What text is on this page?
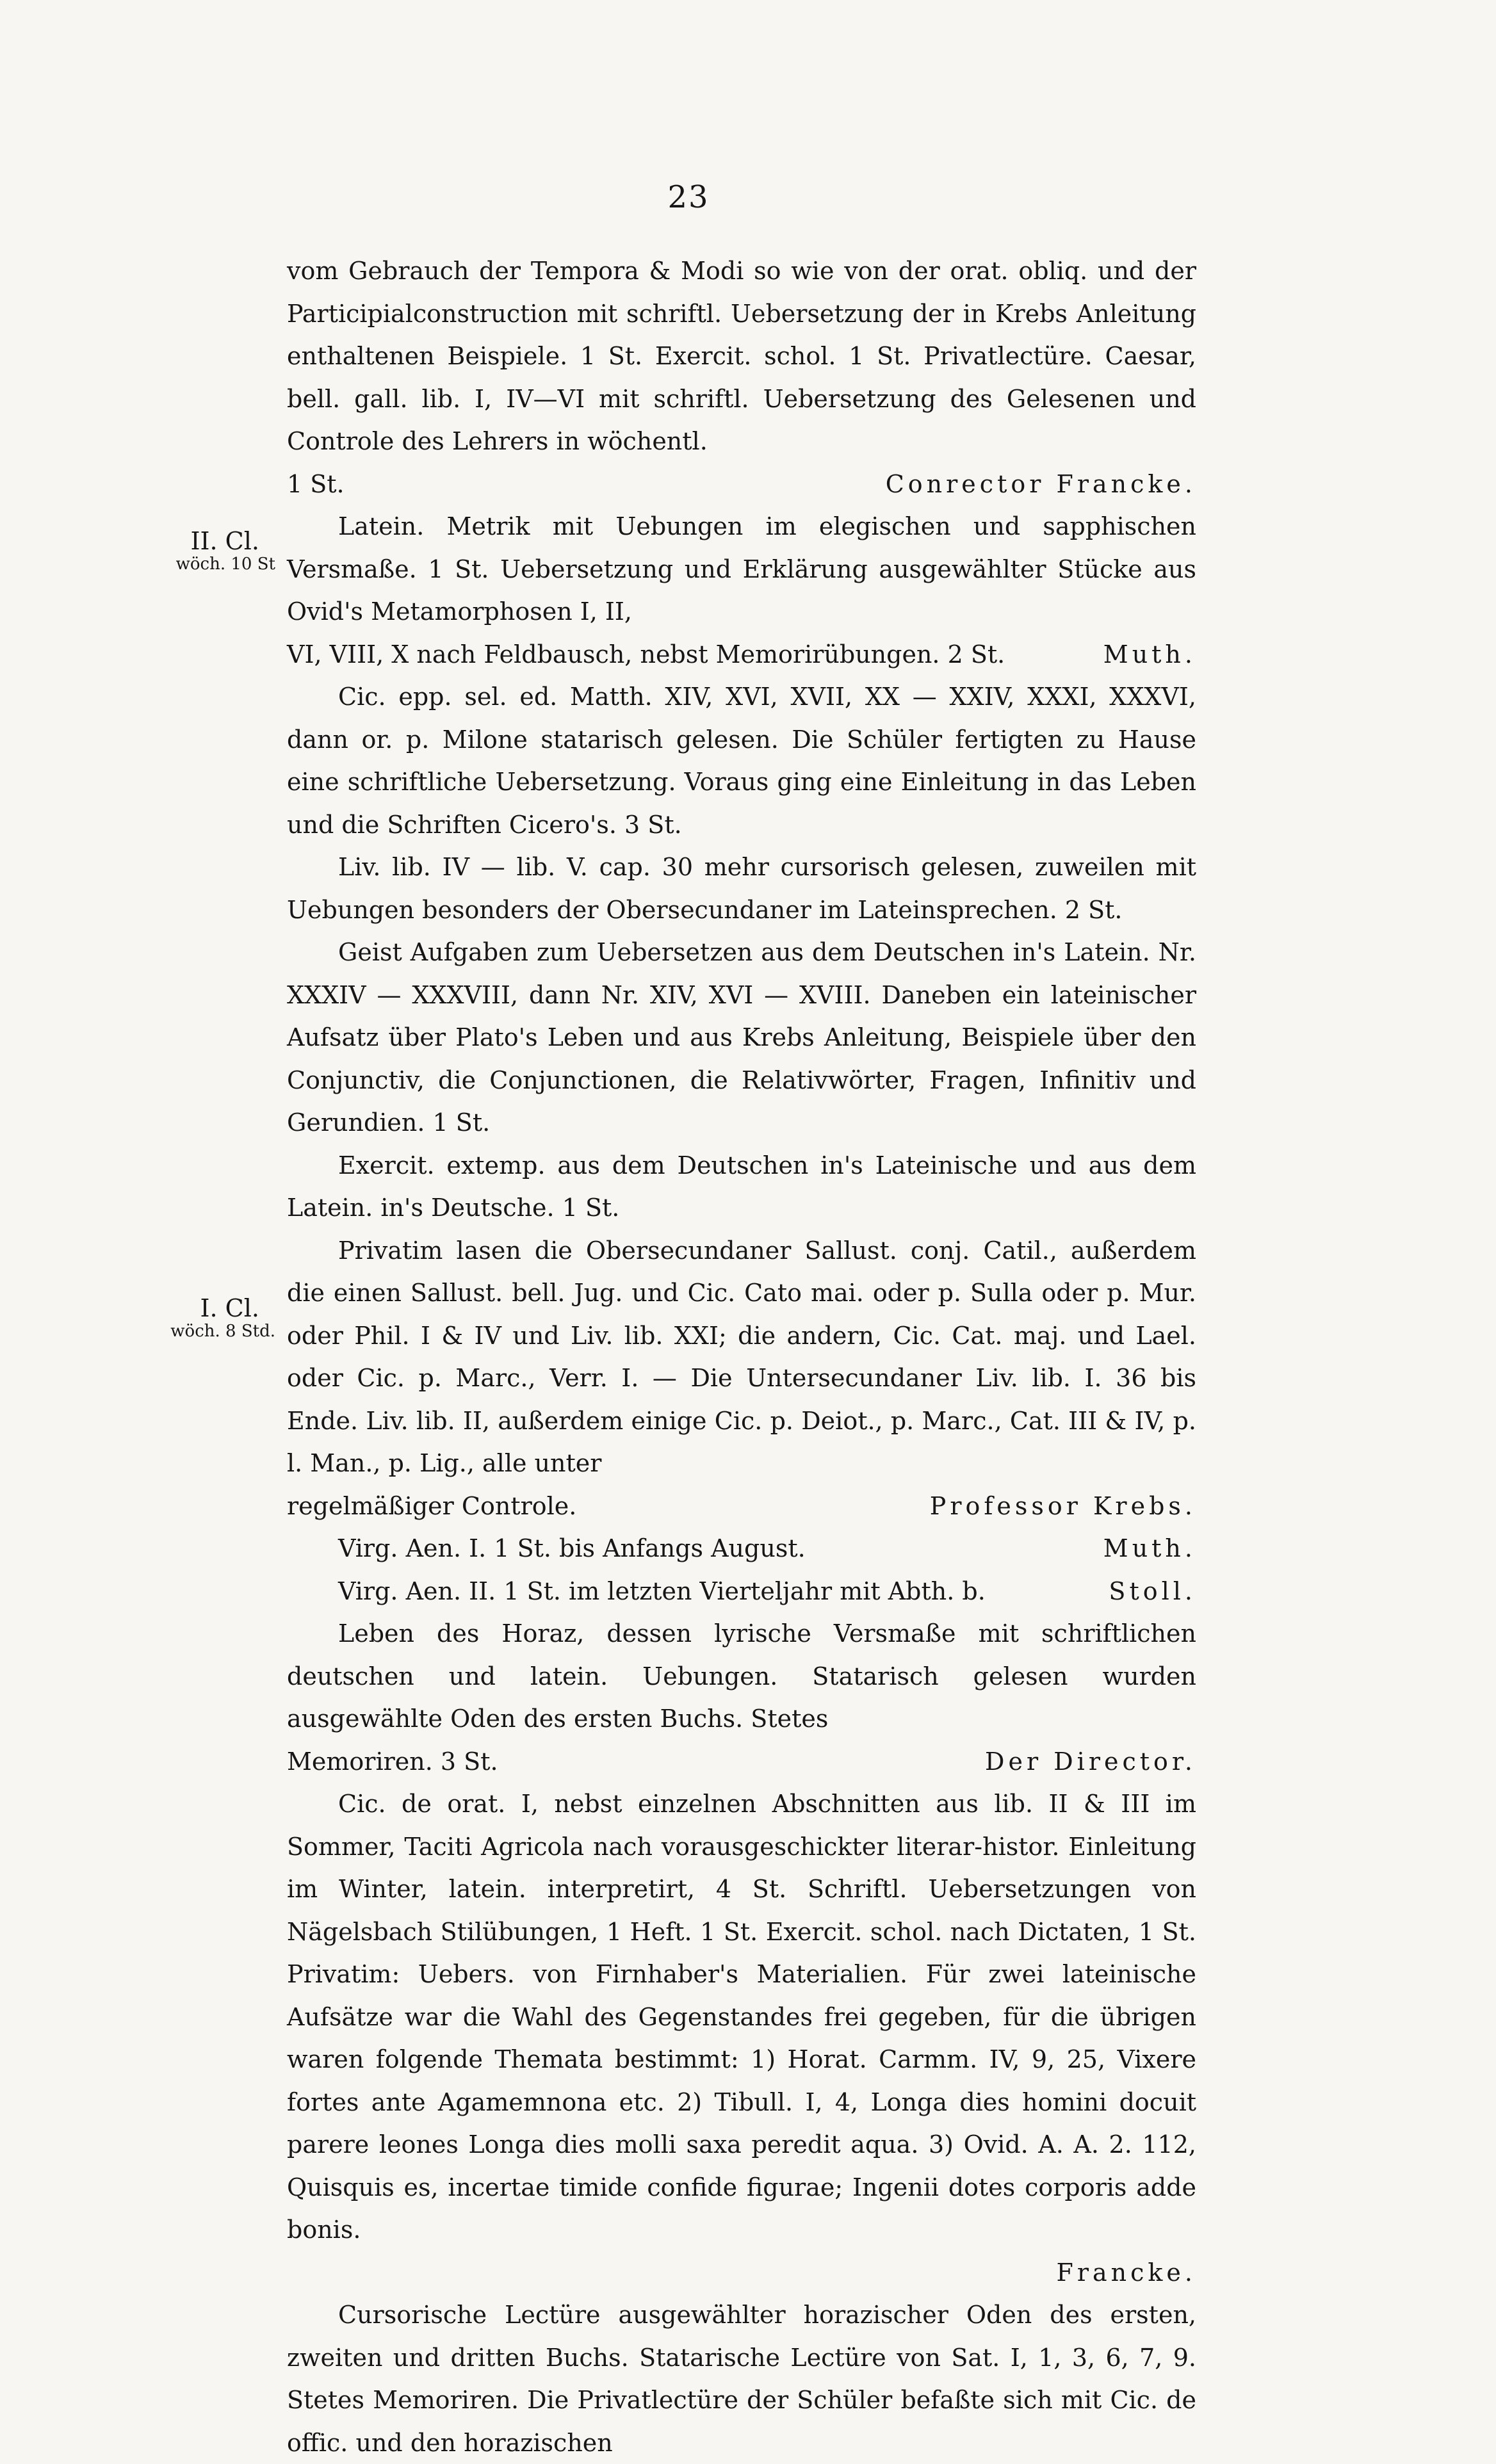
23
II. Cl.
wöch. 10 St
I. Cl.
wöch. 8 Std.

vom Gebrauch der Tempora & Modi so wie von der orat. obliq. und der Participialconstruction mit schriftl. Uebersetzung der in Krebs Anleitung enthaltenen Beispiele. 1 St. Exercit. schol. 1 St. Privatlectüre. Caesar, bell. gall. lib. I, IV—VI mit schriftl. Uebersetzung des Gelesenen und Controle des Lehrers in wöchentl.

1 St.	Conrector Francke.

Latein. Metrik mit Uebungen im elegischen und sapphischen Versmaße. 1 St. Uebersetzung und Erklärung ausgewählter Stücke aus Ovid's Metamorphosen I, II,

VI, VIII, X nach Feldbausch, nebst Memorirübungen. 2 St.	Muth.

Cic. epp. sel. ed. Matth. XIV, XVI, XVII, XX — XXIV, XXXI, XXXVI, dann or. p. Milone statarisch gelesen. Die Schüler fertigten zu Hause eine schriftliche Uebersetzung. Voraus ging eine Einleitung in das Leben und die Schriften Cicero's. 3 St.

Liv. lib. IV — lib. V. cap. 30 mehr cursorisch gelesen, zuweilen mit Uebungen besonders der Obersecundaner im Lateinsprechen. 2 St.

Geist Aufgaben zum Uebersetzen aus dem Deutschen in's Latein. Nr. XXXIV — XXXVIII, dann Nr. XIV, XVI — XVIII. Daneben ein lateinischer Aufsatz über Plato's Leben und aus Krebs Anleitung, Beispiele über den Conjunctiv, die Conjunctionen, die Relativwörter, Fragen, Infinitiv und Gerundien. 1 St.

Exercit. extemp. aus dem Deutschen in's Lateinische und aus dem Latein. in's Deutsche. 1 St.

Privatim lasen die Obersecundaner Sallust. conj. Catil., außerdem die einen Sallust. bell. Jug. und Cic. Cato mai. oder p. Sulla oder p. Mur. oder Phil. I & IV und Liv. lib. XXI; die andern, Cic. Cat. maj. und Lael. oder Cic. p. Marc., Verr. I. — Die Untersecundaner Liv. lib. I. 36 bis Ende. Liv. lib. II, außerdem einige Cic. p. Deiot., p. Marc., Cat. III & IV, p. l. Man., p. Lig., alle unter

regelmäßiger Controle.	Professor Krebs.
Virg. Aen. I. 1 St. bis Anfangs August.	Muth.
Virg. Aen. II. 1 St. im letzten Vierteljahr mit Abth. b.	Stoll.

Leben des Horaz, dessen lyrische Versmaße mit schriftlichen deutschen und latein. Uebungen. Statarisch gelesen wurden ausgewählte Oden des ersten Buchs. Stetes

Memoriren. 3 St.	Der Director.

Cic. de orat. I, nebst einzelnen Abschnitten aus lib. II & III im Sommer, Taciti Agricola nach vorausgeschickter literar-histor. Einleitung im Winter, latein. interpretirt, 4 St. Schriftl. Uebersetzungen von Nägelsbach Stilübungen, 1 Heft. 1 St. Exercit. schol. nach Dictaten, 1 St. Privatim: Uebers. von Firnhaber's Materialien. Für zwei lateinische Aufsätze war die Wahl des Gegenstandes frei gegeben, für die übrigen waren folgende Themata bestimmt: 1) Horat. Carmm. IV, 9, 25, Vixere fortes ante Agamemnona etc. 2) Tibull. I, 4, Longa dies homini docuit parere leones Longa dies molli saxa peredit aqua. 3) Ovid. A. A. 2. 112, Quisquis es, incertae timide confide figurae; Ingenii dotes corporis adde bonis.

Francke.

Cursorische Lectüre ausgewählter horazischer Oden des ersten, zweiten und dritten Buchs. Statarische Lectüre von Sat. I, 1, 3, 6, 7, 9. Stetes Memoriren. Die Privatlectüre der Schüler befaßte sich mit Cic. de offic. und den horazischen
